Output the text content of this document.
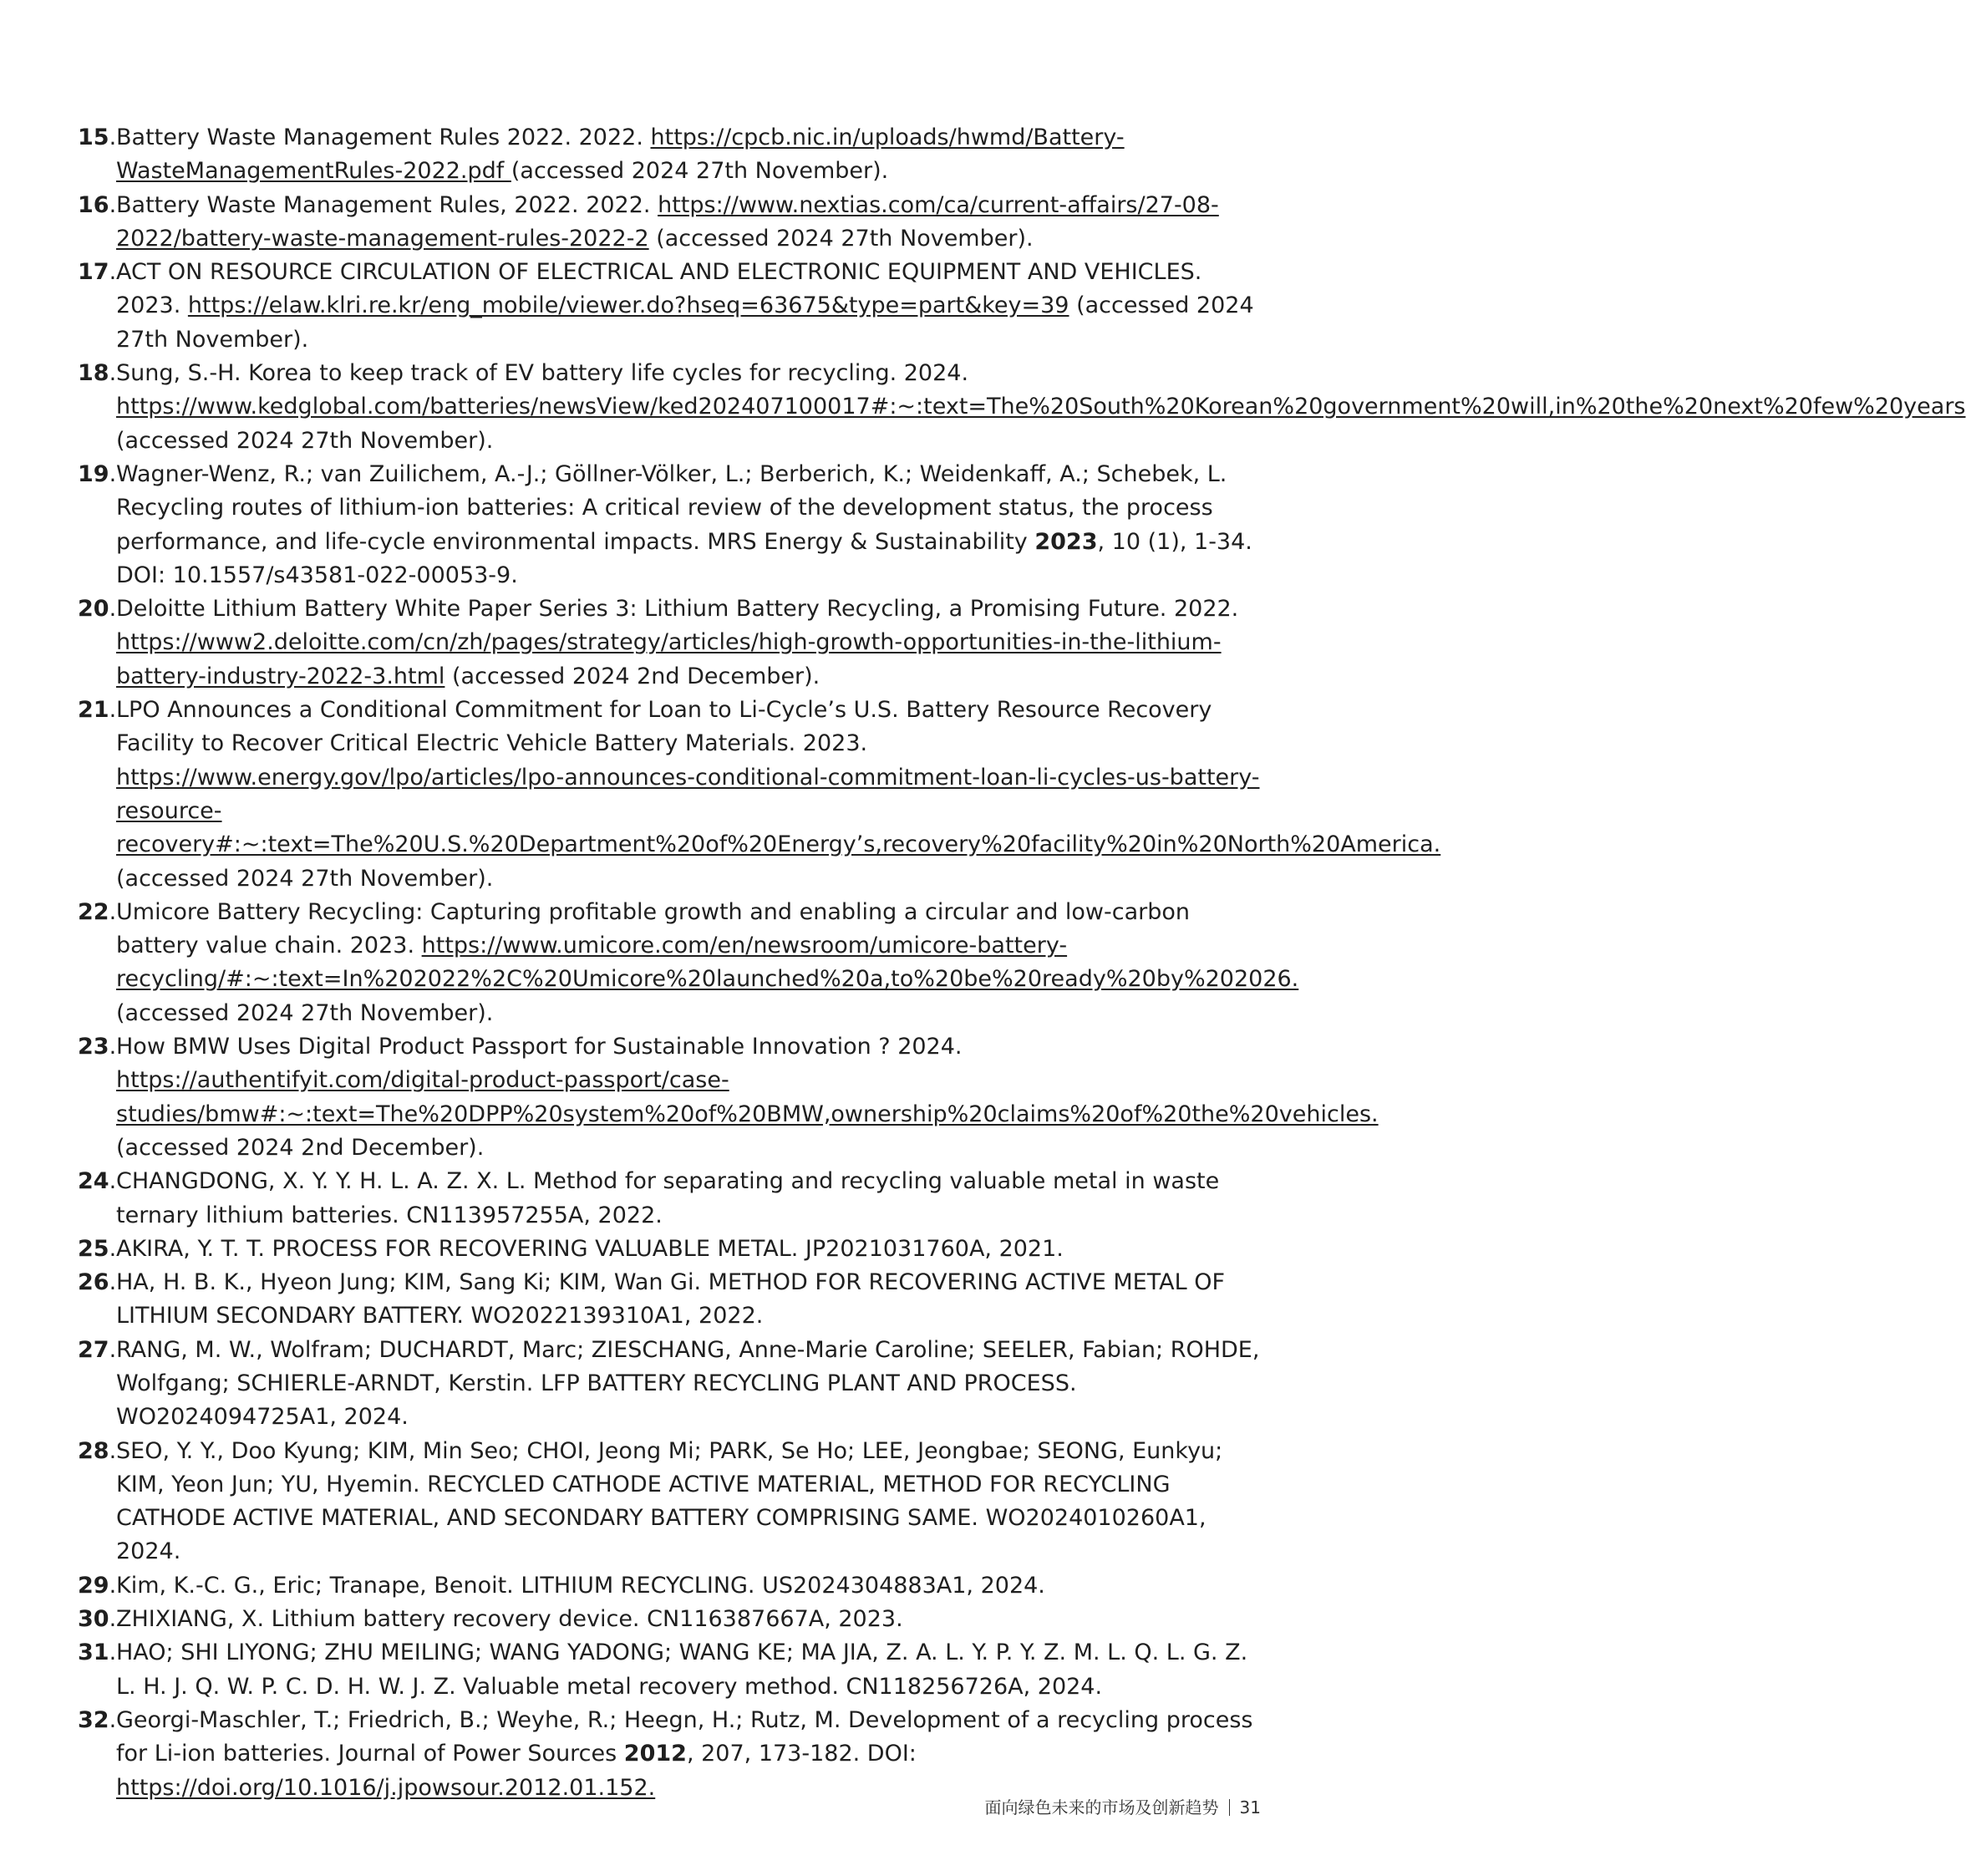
15. Battery Waste Management Rules 2022. 2022. https://cpcb.nic.in/uploads/hwmd/Battery-WasteManagementRules-2022.pdf (accessed 2024 27th November).
16. Battery Waste Management Rules, 2022. 2022. https://www.nextias.com/ca/current-affairs/27-08-2022/battery-waste-management-rules-2022-2 (accessed 2024 27th November).
17. ACT ON RESOURCE CIRCULATION OF ELECTRICAL AND ELECTRONIC EQUIPMENT AND VEHICLES. 2023. https://elaw.klri.re.kr/eng_mobile/viewer.do?hseq=63675&type=part&key=39 (accessed 2024 27th November).
18. Sung, S.-H. Korea to keep track of EV battery life cycles for recycling. 2024. https://www.kedglobal.com/batteries/newsView/ked202407100017#:~:text=The%20South%20Korean%20government%20will,in%20the%20next%20few%20years (accessed 2024 27th November).
19. Wagner-Wenz, R.; van Zuilichem, A.-J.; Göllner-Völker, L.; Berberich, K.; Weidenkaff, A.; Schebek, L. Recycling routes of lithium-ion batteries: A critical review of the development status, the process performance, and life-cycle environmental impacts. MRS Energy & Sustainability 2023, 10 (1), 1-34. DOI: 10.1557/s43581-022-00053-9.
20. Deloitte Lithium Battery White Paper Series 3: Lithium Battery Recycling, a Promising Future. 2022. https://www2.deloitte.com/cn/zh/pages/strategy/articles/high-growth-opportunities-in-the-lithium-battery-industry-2022-3.html (accessed 2024 2nd December).
21. LPO Announces a Conditional Commitment for Loan to Li-Cycle’s U.S. Battery Resource Recovery Facility to Recover Critical Electric Vehicle Battery Materials. 2023. https://www.energy.gov/lpo/articles/lpo-announces-conditional-commitment-loan-li-cycles-us-battery-resource-recovery#:~:text=The%20U.S.%20Department%20of%20Energy’s,recovery%20facility%20in%20North%20America. (accessed 2024 27th November).
22. Umicore Battery Recycling: Capturing profitable growth and enabling a circular and low-carbon battery value chain. 2023. https://www.umicore.com/en/newsroom/umicore-battery-recycling/#:~:text=In%202022%2C%20Umicore%20launched%20a,to%20be%20ready%20by%202026. (accessed 2024 27th November).
23. How BMW Uses Digital Product Passport for Sustainable Innovation ? 2024. https://authentifyit.com/digital-product-passport/case-studies/bmw#:~:text=The%20DPP%20system%20of%20BMW,ownership%20claims%20of%20the%20vehicles. (accessed 2024 2nd December).
24. CHANGDONG, X. Y. Y. H. L. A. Z. X. L. Method for separating and recycling valuable metal in waste ternary lithium batteries. CN113957255A, 2022.
25. AKIRA, Y. T. T. PROCESS FOR RECOVERING VALUABLE METAL. JP2021031760A, 2021.
26. HA, H. B. K., Hyeon Jung; KIM, Sang Ki; KIM, Wan Gi. METHOD FOR RECOVERING ACTIVE METAL OF LITHIUM SECONDARY BATTERY. WO2022139310A1, 2022.
27. RANG, M. W., Wolfram; DUCHARDT, Marc; ZIESCHANG, Anne-Marie Caroline; SEELER, Fabian; ROHDE, Wolfgang; SCHIERLE-ARNDT, Kerstin. LFP BATTERY RECYCLING PLANT AND PROCESS. WO2024094725A1, 2024.
28. SEO, Y. Y., Doo Kyung; KIM, Min Seo; CHOI, Jeong Mi; PARK, Se Ho; LEE, Jeongbae; SEONG, Eunkyu; KIM, Yeon Jun; YU, Hyemin. RECYCLED CATHODE ACTIVE MATERIAL, METHOD FOR RECYCLING CATHODE ACTIVE MATERIAL, AND SECONDARY BATTERY COMPRISING SAME. WO2024010260A1, 2024.
29. Kim, K.-C. G., Eric; Tranape, Benoit. LITHIUM RECYCLING. US2024304883A1, 2024.
30. ZHIXIANG, X. Lithium battery recovery device. CN116387667A, 2023.
31. HAO; SHI LIYONG; ZHU MEILING; WANG YADONG; WANG KE; MA JIA, Z. A. L. Y. P. Y. Z. M. L. Q. L. G. Z. L. H. J. Q. W. P. C. D. H. W. J. Z. Valuable metal recovery method. CN118256726A, 2024.
32. Georgi-Maschler, T.; Friedrich, B.; Weyhe, R.; Heegn, H.; Rutz, M. Development of a recycling process for Li-ion batteries. Journal of Power Sources 2012, 207, 173-182. DOI: https://doi.org/10.1016/j.jpowsour.2012.01.152.
面向绿色未来的市场及创新趋势 31
